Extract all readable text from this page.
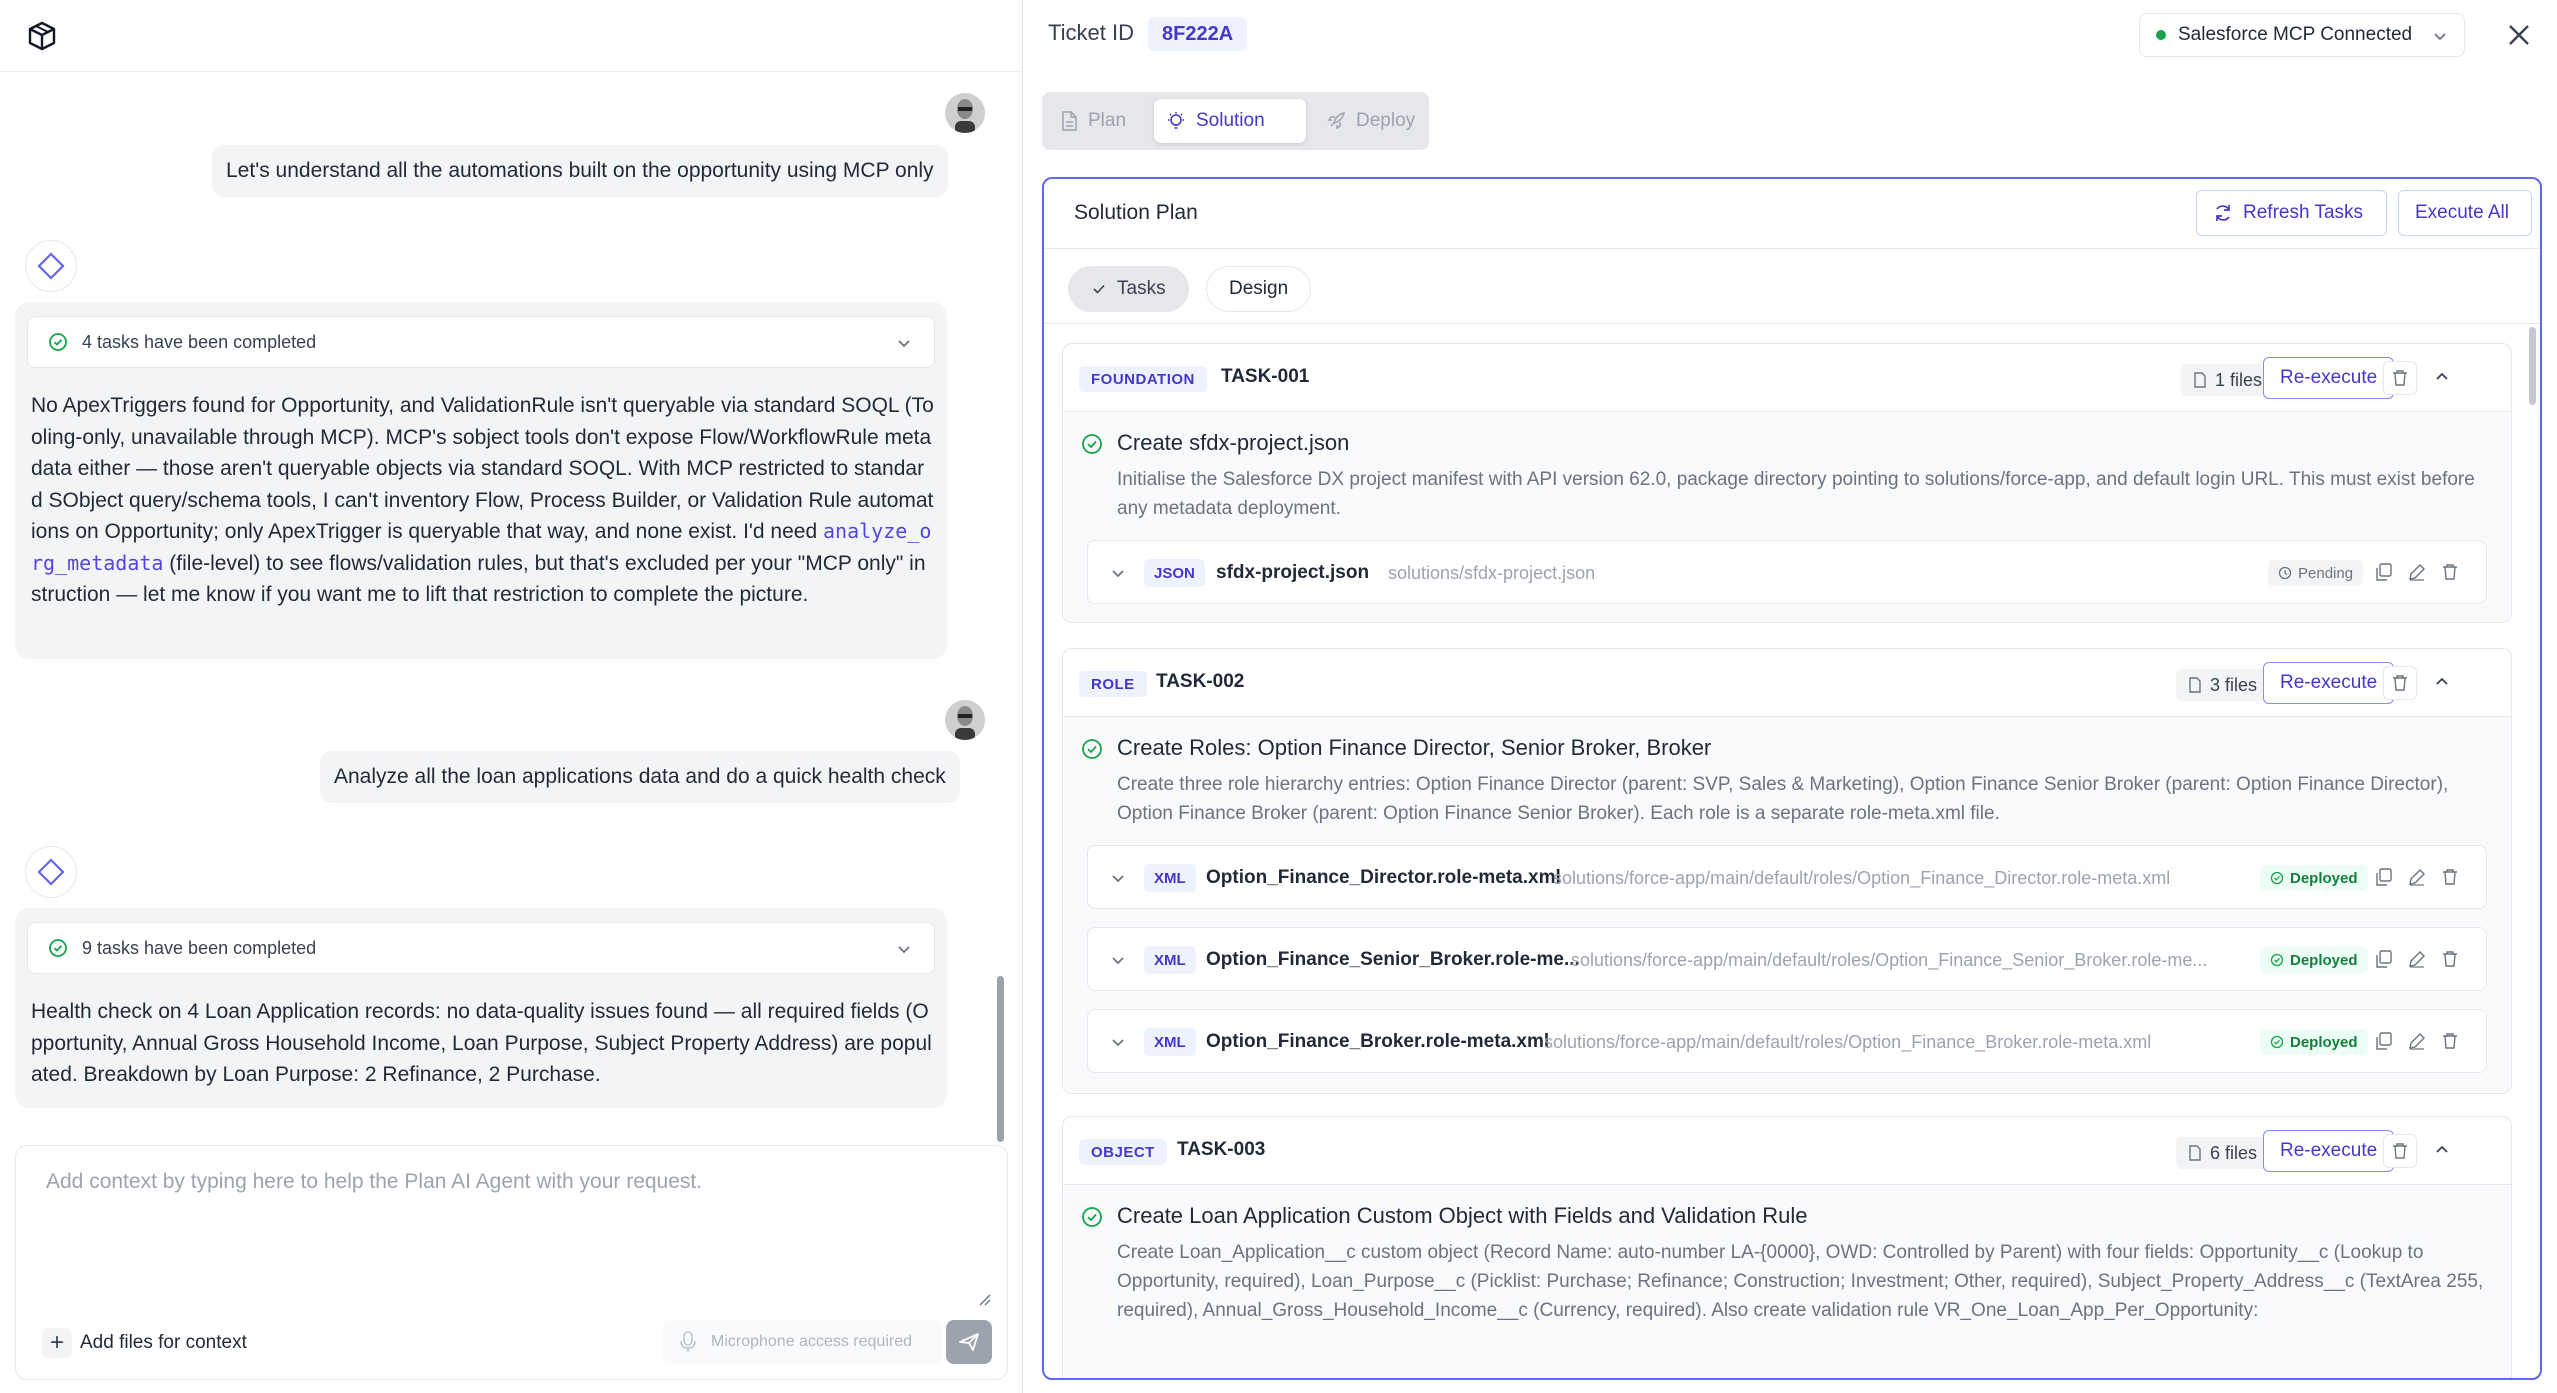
Let's understand all the automations built on the opportunity using MCP only
4 tasks have been completed
No ApexTriggers found for Opportunity, and ValidationRule isn't queryable via standard SOQL (Tooling-only, unavailable through MCP). MCP's sobject tools don't expose Flow/WorkflowRule metadata either — those aren't queryable objects via standard SOQL. With MCP restricted to standard SObject query/schema tools, I can't inventory Flow, Process Builder, or Validation Rule automations on Opportunity; only ApexTrigger is queryable that way, and none exist. I'd need analyze_org_metadata (file-level) to see flows/validation rules, but that's excluded per your "MCP only" instruction — let me know if you want me to lift that restriction to complete the picture.
Analyze all the loan applications data and do a quick health check
9 tasks have been completed
Health check on 4 Loan Application records: no data-quality issues found — all required fields (Opportunity, Annual Gross Household Income, Loan Purpose, Subject Property Address) are populated. Breakdown by Loan Purpose: 2 Refinance, 2 Purchase.
Add context by typing here to help the Plan AI Agent with your request.
+ Add files for context	Microphone access required
Ticket ID	8F222A	Salesforce MCP Connected
Plan	Solution	Deploy
Solution Plan	Refresh Tasks	Execute All
Tasks	Design
FOUNDATION	TASK-001	1 files Re-execute
Create sfdx-project.json
Initialise the Salesforce DX project manifest with API version 62.0, package directory pointing to solutions/force-app, and default login URL. This must exist before any metadata deployment.
JSON	sfdx-project.json solutions/sfdx-project.json	Pending
ROLE	TASK-002	3 files Re-execute
Create Roles: Option Finance Director, Senior Broker, Broker
Create three role hierarchy entries: Option Finance Director (parent: SVP, Sales & Marketing), Option Finance Senior Broker (parent: Option Finance Director), Option Finance Broker (parent: Option Finance Senior Broker). Each role is a separate role-meta.xml file.
XML	Option_Finance_Director.role-meta.xml
solutions/force-app/main/default/roles/Option_Finance_Director.role-meta.xml	Deployed
XML	Option_Finance_Senior_Broker.role-me...
solutions/force-app/main/default/roles/Option_Finance_Senior_Broker.role-me...	Deployed
XML	Option_Finance_Broker.role-meta.xml
solutions/force-app/main/default/roles/Option_Finance_Broker.role-meta.xml	Deployed
OBJECT	TASK-003	6 files Re-execute
Create Loan Application Custom Object with Fields and Validation Rule
Create Loan_Application__c custom object (Record Name: auto-number LA-{0000}, OWD: Controlled by Parent) with four fields: Opportunity__c (Lookup to Opportunity, required), Loan_Purpose__c (Picklist: Purchase; Refinance; Construction; Investment; Other, required), Subject_Property_Address__c (TextArea 255, required), Annual_Gross_Household_Income__c (Currency, required). Also create validation rule VR_One_Loan_App_Per_Opportunity:
